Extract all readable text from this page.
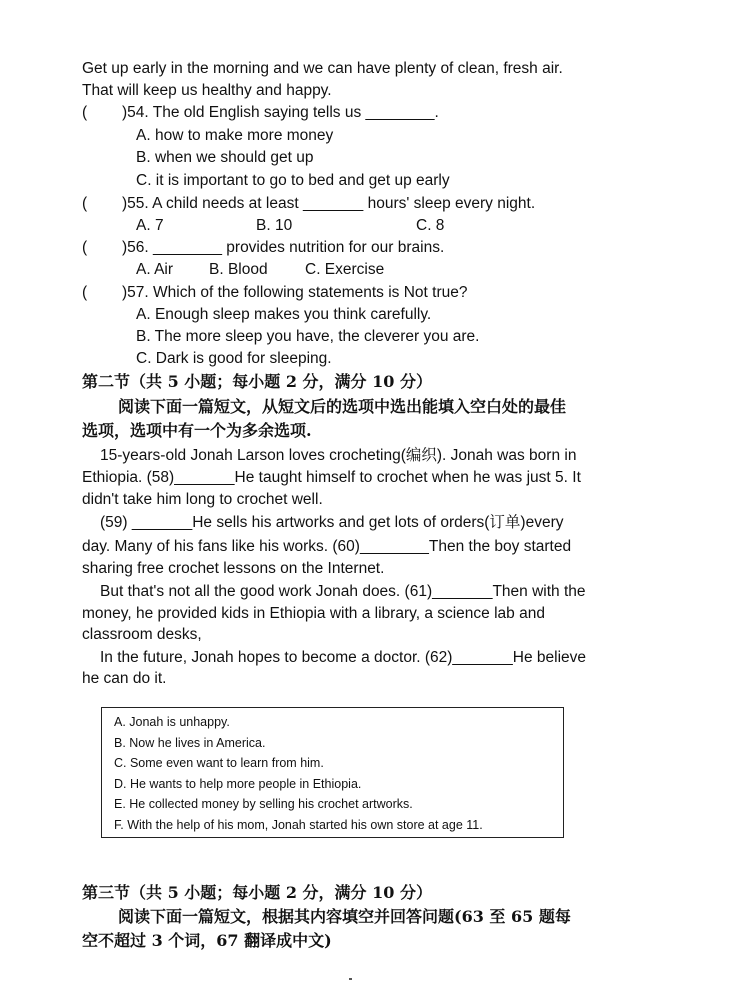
Get up early in the morning and we can have plenty of clean, fresh air.
That will keep us healthy and happy.
( )54. The old English saying tells us ________.
A. how to make more money
B. when we should get up
C. it is important to go to bed and get up early
( )55. A child needs at least _______ hours' sleep every night.
A. 7	B. 10	C. 8
( )56. ________ provides nutrition for our brains.
A. Air B. Blood C. Exercise
( )57. Which of the following statements is Not true?
A. Enough sleep makes you think carefully.
B. The more sleep you have, the cleverer you are.
C. Dark is good for sleeping.
第二节（共 5 小题；每小题 2 分，满分 10 分）
阅读下面一篇短文，从短文后的选项中选出能填入空白处的最佳
选项，选项中有一个为多余选项.
15-years-old Jonah Larson loves crocheting(编织). Jonah was born in
Ethiopia. (58)_______He taught himself to crochet when he was just 5. It
didn't take him long to crochet well.
(59) _______He sells his artworks and get lots of orders(订单)every
day. Many of his fans like his works. (60)________Then the boy started
sharing free crochet lessons on the Internet.
But that's not all the good work Jonah does. (61)_______Then with the
money, he provided kids in Ethiopia with a library, a science lab and
classroom desks,
In the future, Jonah hopes to become a doctor. (62)_______He believe
he can do it.
A. Jonah is unhappy.
B. Now he lives in America.
C. Some even want to learn from him.
D. He wants to help more people in Ethiopia.
E. He collected money by selling his crochet artworks.
F. With the help of his mom, Jonah started his own store at age 11.
第三节（共 5 小题；每小题 2 分，满分 10 分）
阅读下面一篇短文，根据其内容填空并回答问题(63 至 65 题每
空不超过 3 个词，67 翻译成中文)
